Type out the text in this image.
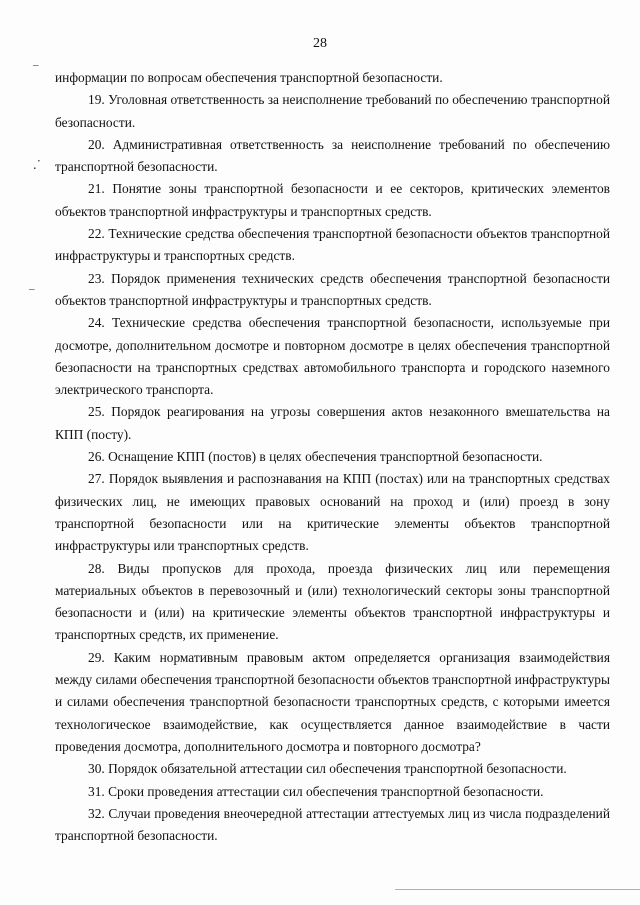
28
–
.˙
–

информации по вопросам обеспечения транспортной безопасности.

19. Уголовная ответственность за неисполнение требований по обеспечению транспортной безопасности.

20. Административная ответственность за неисполнение требований по обеспечению транспортной безопасности.

21. Понятие зоны транспортной безопасности и ее секторов, критических элементов объектов транспортной инфраструктуры и транспортных средств.

22. Технические средства обеспечения транспортной безопасности объектов транспортной инфраструктуры и транспортных средств.

23. Порядок применения технических средств обеспечения транспортной безопасности объектов транспортной инфраструктуры и транспортных средств.

24. Технические средства обеспечения транспортной безопасности, используемые при досмотре, дополнительном досмотре и повторном досмотре в целях обеспечения транспортной безопасности на транспортных средствах автомобильного транспорта и городского наземного электрического транспорта.

25. Порядок реагирования на угрозы совершения актов незаконного вмешательства на КПП (посту).

26. Оснащение КПП (постов) в целях обеспечения транспортной безопасности.

27. Порядок выявления и распознавания на КПП (постах) или на транспортных средствах физических лиц, не имеющих правовых оснований на проход и (или) проезд в зону транспортной безопасности или на критические элементы объектов транспортной инфраструктуры или транспортных средств.

28. Виды пропусков для прохода, проезда физических лиц или перемещения материальных объектов в перевозочный и (или) технологический секторы зоны транспортной безопасности и (или) на критические элементы объектов транспортной инфраструктуры и транспортных средств, их применение.

29. Каким нормативным правовым актом определяется организация взаимодействия между силами обеспечения транспортной безопасности объектов транспортной инфраструктуры и силами обеспечения транспортной безопасности транспортных средств, с которыми имеется технологическое взаимодействие, как осуществляется данное взаимодействие в части проведения досмотра, дополнительного досмотра и повторного досмотра?

30. Порядок обязательной аттестации сил обеспечения транспортной безопасности.

31. Сроки проведения аттестации сил обеспечения транспортной безопасности.

32. Случаи проведения внеочередной аттестации аттестуемых лиц из числа подразделений транспортной безопасности.
